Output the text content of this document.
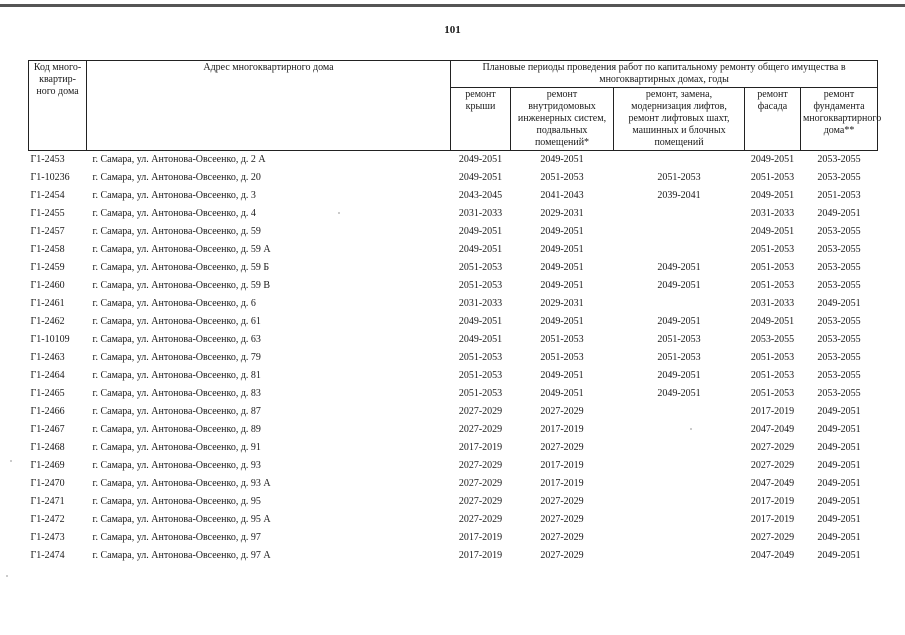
101
Код много-квартир-ного дома	Адрес многоквартирного дома	Плановые периоды проведения работ по капитальному ремонту общего имущества в многоквартирных домах, годы				
		ремонт крыши	ремонт внутридомовых инженерных систем, подвальных помещений*	ремонт, замена, модернизация лифтов, ремонт лифтовых шахт, машинных и блочных помещений	ремонт фасада	ремонт фундамента многоквартирного дома**
Г1-2453	г. Самара, ул. Антонова-Овсеенко, д. 2 А	2049-2051	2049-2051		2049-2051	2053-2055
Г1-10236	г. Самара, ул. Антонова-Овсеенко, д. 20	2049-2051	2051-2053	2051-2053	2051-2053	2053-2055
Г1-2454	г. Самара, ул. Антонова-Овсеенко, д. 3	2043-2045	2041-2043	2039-2041	2049-2051	2051-2053
Г1-2455	г. Самара, ул. Антонова-Овсеенко, д. 4	2031-2033	2029-2031		2031-2033	2049-2051
Г1-2457	г. Самара, ул. Антонова-Овсеенко, д. 59	2049-2051	2049-2051		2049-2051	2053-2055
Г1-2458	г. Самара, ул. Антонова-Овсеенко, д. 59 А	2049-2051	2049-2051		2051-2053	2053-2055
Г1-2459	г. Самара, ул. Антонова-Овсеенко, д. 59 Б	2051-2053	2049-2051	2049-2051	2051-2053	2053-2055
Г1-2460	г. Самара, ул. Антонова-Овсеенко, д. 59 В	2051-2053	2049-2051	2049-2051	2051-2053	2053-2055
Г1-2461	г. Самара, ул. Антонова-Овсеенко, д. 6	2031-2033	2029-2031		2031-2033	2049-2051
Г1-2462	г. Самара, ул. Антонова-Овсеенко, д. 61	2049-2051	2049-2051	2049-2051	2049-2051	2053-2055
Г1-10109	г. Самара, ул. Антонова-Овсеенко, д. 63	2049-2051	2051-2053	2051-2053	2053-2055	2053-2055
Г1-2463	г. Самара, ул. Антонова-Овсеенко, д. 79	2051-2053	2051-2053	2051-2053	2051-2053	2053-2055
Г1-2464	г. Самара, ул. Антонова-Овсеенко, д. 81	2051-2053	2049-2051	2049-2051	2051-2053	2053-2055
Г1-2465	г. Самара, ул. Антонова-Овсеенко, д. 83	2051-2053	2049-2051	2049-2051	2051-2053	2053-2055
Г1-2466	г. Самара, ул. Антонова-Овсеенко, д. 87	2027-2029	2027-2029		2017-2019	2049-2051
Г1-2467	г. Самара, ул. Антонова-Овсеенко, д. 89	2027-2029	2017-2019		2047-2049	2049-2051
Г1-2468	г. Самара, ул. Антонова-Овсеенко, д. 91	2017-2019	2027-2029		2027-2029	2049-2051
Г1-2469	г. Самара, ул. Антонова-Овсеенко, д. 93	2027-2029	2017-2019		2027-2029	2049-2051
Г1-2470	г. Самара, ул. Антонова-Овсеенко, д. 93 А	2027-2029	2017-2019		2047-2049	2049-2051
Г1-2471	г. Самара, ул. Антонова-Овсеенко, д. 95	2027-2029	2027-2029		2017-2019	2049-2051
Г1-2472	г. Самара, ул. Антонова-Овсеенко, д. 95 А	2027-2029	2027-2029		2017-2019	2049-2051
Г1-2473	г. Самара, ул. Антонова-Овсеенко, д. 97	2017-2019	2027-2029		2027-2029	2049-2051
Г1-2474	г. Самара, ул. Антонова-Овсеенко, д. 97 А	2017-2019	2027-2029		2047-2049	2049-2051
